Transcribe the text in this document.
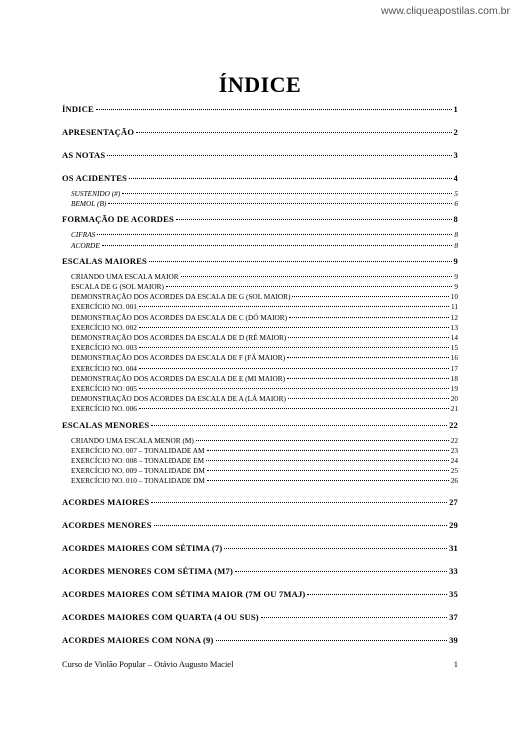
www.cliqueapostilas.com.br
ÍNDICE
ÍNDICE	1
APRESENTAÇÃO	2
AS NOTAS	3
OS ACIDENTES	4
SUSTENIDO (#)	5
BEMOL (B)	6
FORMAÇÃO DE ACORDES	8
CIFRAS	8
ACORDE	8
ESCALAS MAIORES	9
CRIANDO UMA ESCALA MAIOR	9
ESCALA DE G (SOL MAIOR)	9
DEMONSTRAÇÃO DOS ACORDES DA ESCALA DE G (SOL MAIOR)	10
EXERCÍCIO NO. 001	11
DEMONSTRAÇÃO DOS ACORDES DA ESCALA DE C (DÓ MAIOR)	12
EXERCÍCIO NO. 002	13
DEMONSTRAÇÃO DOS ACORDES DA ESCALA DE D (RÉ MAIOR)	14
EXERCÍCIO NO. 003	15
DEMONSTRAÇÃO DOS ACORDES DA ESCALA DE F (FÁ MAIOR)	16
EXERCÍCIO NO. 004	17
DEMONSTRAÇÃO DOS ACORDES DA ESCALA DE E (MI MAIOR)	18
EXERCÍCIO NO. 005	19
DEMONSTRAÇÃO DOS ACORDES DA ESCALA DE A (LÁ MAIOR)	20
EXERCÍCIO NO. 006	21
ESCALAS MENORES	22
CRIANDO UMA ESCALA MENOR (M)	22
EXERCÍCIO NO. 007 – TONALIDADE AM	23
EXERCÍCIO NO. 008 – TONALIDADE EM	24
EXERCÍCIO NO. 009 – TONALIDADE DM	25
EXERCÍCIO NO. 010 – TONALIDADE DM	26
ACORDES MAIORES	27
ACORDES MENORES	29
ACORDES MAIORES COM SÉTIMA (7)	31
ACORDES MENORES COM SÉTIMA (M7)	33
ACORDES MAIORES COM SÉTIMA MAIOR (7M OU 7MAJ)	35
ACORDES MAIORES COM QUARTA (4 OU SUS)	37
ACORDES MAIORES COM NONA (9)	39
Curso de Violão Popular – Otávio Augusto Maciel	1
